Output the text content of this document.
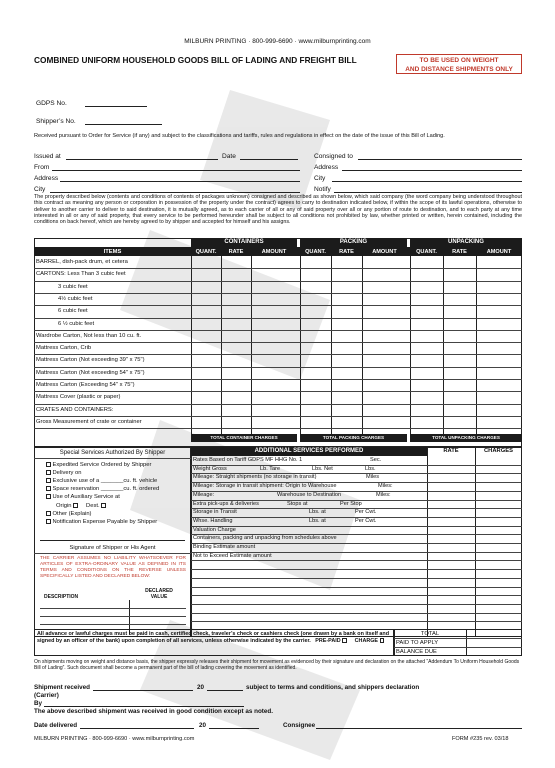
MILBURN PRINTING · 800-999-6690 · www.milburnprinting.com
COMBINED UNIFORM HOUSEHOLD GOODS BILL OF LADING AND FREIGHT BILL	TO BE USED ON WEIGHT
AND DISTANCE SHIPMENTS ONLY
GDPS No.
Shipper’s No.
Received pursuant to Order for Service (if any) and subject to the classifications and tariffs, rules and regulations in effect on the date of the issue of this Bill of Lading.
Issued at	Date	Consigned to
From	Address
Address	City
City	Notify
The property described below (contents and conditions of contents of packages unknown) consigned and described as shown below, which said company (the word company being understood throughout this contract as meaning any person or corporation in possession of the property under the contract) agrees to carry to destination indicated below, if within the scope of its lawful operations, otherwise to deliver to another carrier to deliver to said destination, it is mutually agreed, as to each carrier of all or any of said property over all or any portion of route to destination, and to each party at any time interested in all or any of said property, that every service to be performed hereunder shall be subject to all conditions not prohibited by law, whether printed or written, herein contained, including the conditions on back hereof, which are hereby agreed to by shipper and accepted for himself and his assigns.
CONTAINERS	PACKING	UNPACKING
ITEMS	QUANT.	RATE	AMOUNT	QUANT.	RATE	AMOUNT	QUANT.	RATE	AMOUNT
BARREL, dish-pack drum, et cetera
CARTONS: Less Than 3 cubic feet
3 cubic feet
4½ cubic feet
6 cubic feet
6 ½ cubic feet
Wardrobe Carton, Not less than 10 cu. ft.
Mattress Carton, Crib
Mattress Carton (Not exceeding 39" x 75")
Mattress Carton (Not exceeding 54" x 75")
Mattress Carton (Exceeding 54" x 75")
Mattress Cover (plastic or paper)
CRATES AND CONTAINERS:
Gross Measurement of crate or container
TOTAL CONTAINER CHARGES	TOTAL PACKING CHARGES	TOTAL UNPACKING CHARGES
Special Services Authorized By Shipper
Expedited Service Ordered by Shipper
Delivery on
Exclusive use of a _______cu. ft. vehicle
Space reservation _______cu. ft. ordered
Use of Auxiliary Service at
Origin	Dest.
Other (Explain)
Notification Expense Payable by Shipper
Signature of Shipper or His Agent
THE CARRIER ASSUMES NO LIABILITY WHATSOEVER FOR ARTICLES OF EXTRA-ORDINARY VALUE AS DEFINED IN ITS TERMS AND CONDITIONS ON THE REVERSE UNLESS SPECIFICALLY LISTED AND DECLARED BELOW:
DESCRIPTION
DECLARED
VALUE
ADDITIONAL SERVICES PERFORMED	RATE	CHARGES
Rates Based on Tariff GDPS MF HHG No. 1	Sec.
Weight Gross	Lb. Tare	Lbs. Net	Lbs.
Mileage: Straight shipments (no storage in transit)	Miles
Mileage: Storage in transit shipment: Origin to Warehouse	Miles:
Mileage:	Warehouse to Destination	Miles:
Extra pick-ups & deliveries	Stops at	Per Stop
Storage in Transit	Lbs. at	Per Cwt.
Whse. Handling	Lbs. at	Per Cwt.
Valuation Charge
Containers, packing and unpacking from schedules above
Binding Estimate amount
Not to Exceed Estimate amount
All advance or lawful charges must be paid in cash, certified check, traveler’s check or cashiers check (one drawn by a bank on itself and signed by an officer of the bank) upon completion of all services, unless otherwise indicated by the carrier. PRE-PAID	CHARGE
TOTAL
PAID TO APPLY
BALANCE DUE
On shipments moving on weight and distance basis, the shipper expressly releases their shipment for movement as evidenced by their signature and declaration on the attached “Addendum To Uniform Household Goods Bill of Lading”. Such document shall become a permanent part of the bill of lading covering the movement as identified.
Shipment received	20	subject to terms and conditions, and shippers declaration
(Carrier)
By
The above described shipment was received in good condition except as noted.
Date delivered	20	Consignee
MILBURN PRINTING · 800-999-6690 · www.milburnprinting.com	FORM #235 rev. 03/18
